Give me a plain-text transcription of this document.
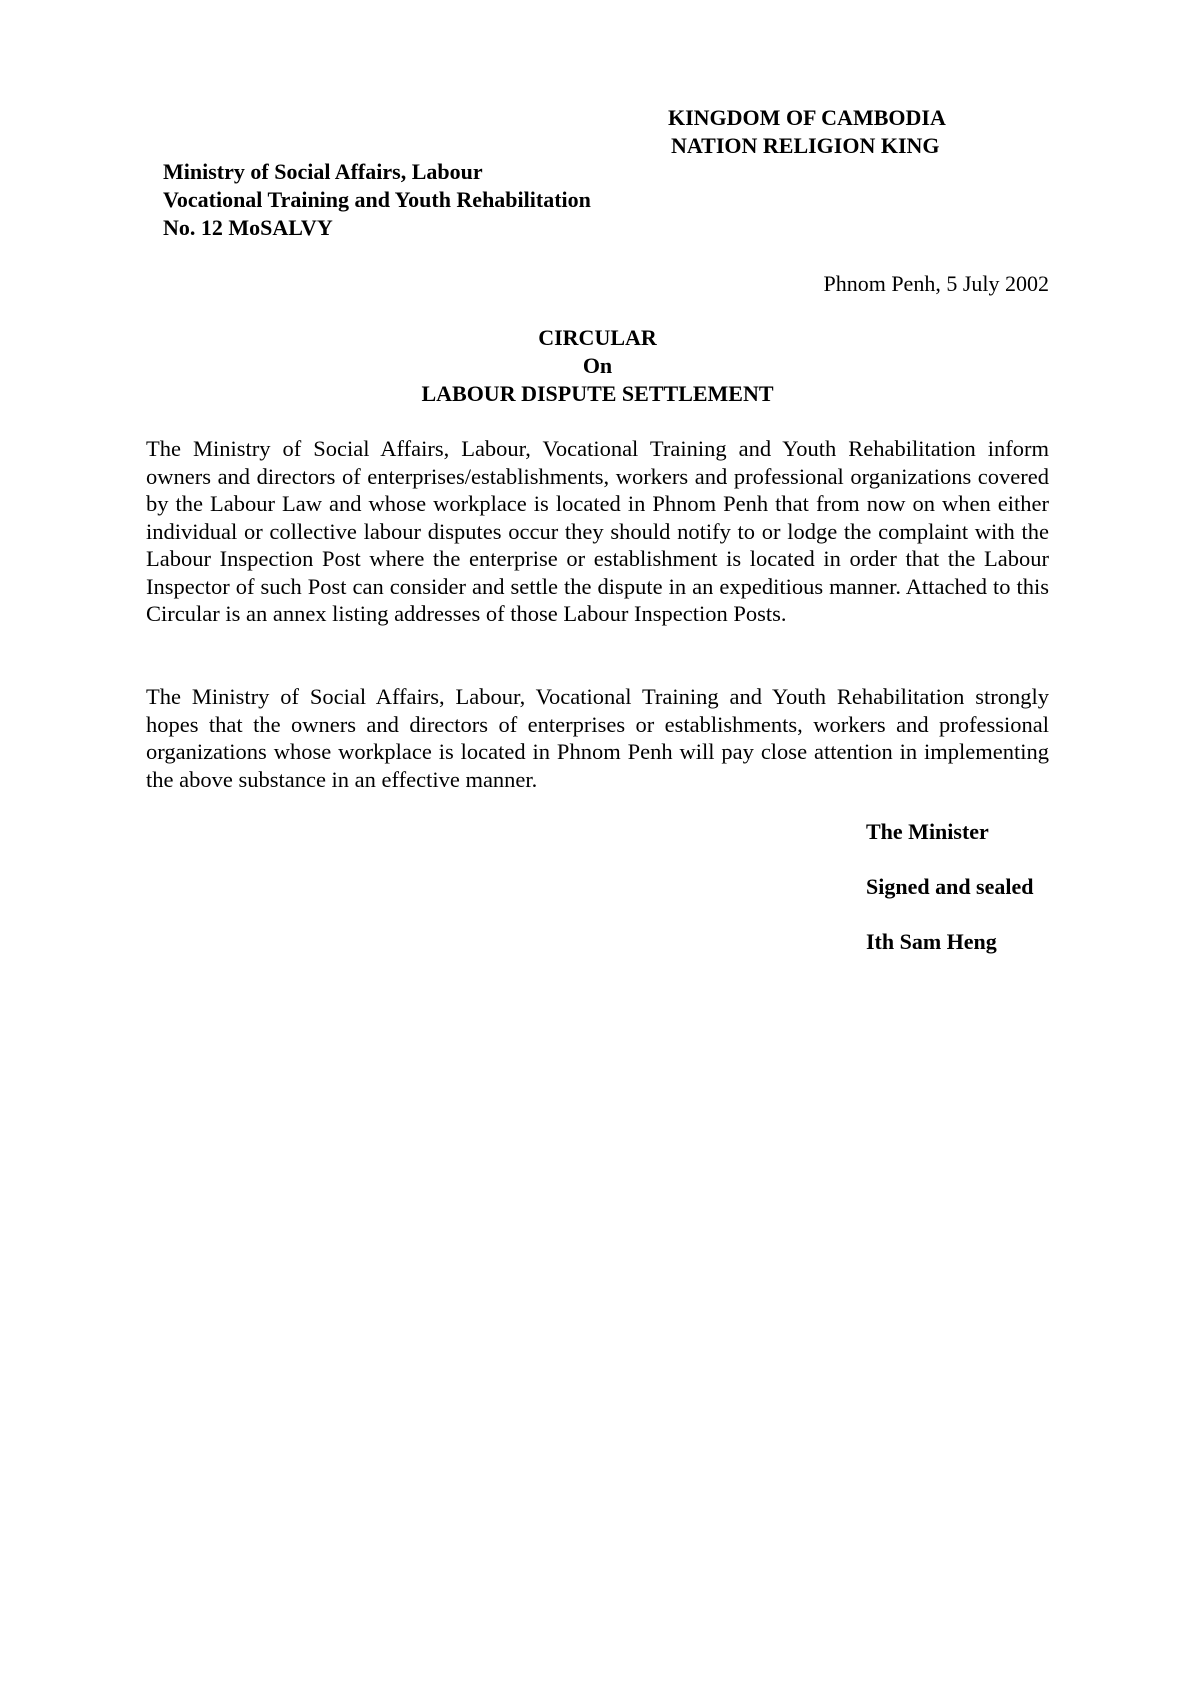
KINGDOM OF CAMBODIA
NATION RELIGION KING
Ministry of Social Affairs, Labour
Vocational Training and Youth Rehabilitation
No. 12 MoSALVY
Phnom Penh, 5 July 2002
CIRCULAR
On
LABOUR DISPUTE SETTLEMENT
The Ministry of Social Affairs, Labour, Vocational Training and Youth Rehabilitation inform owners and directors of enterprises/establishments, workers and professional organizations covered by the Labour Law and whose workplace is located in Phnom Penh that from now on when either individual or collective labour disputes occur they should notify to or lodge the complaint with the Labour Inspection Post where the enterprise or establishment is located in order that the Labour Inspector of such Post can consider and settle the dispute in an expeditious manner. Attached to this Circular is an annex listing addresses of those Labour Inspection Posts.
The Ministry of Social Affairs, Labour, Vocational Training and Youth Rehabilitation strongly hopes that the owners and directors of enterprises or establishments, workers and professional organizations whose workplace is located in Phnom Penh will pay close attention in implementing the above substance in an effective manner.
The Minister
Signed and sealed
Ith Sam Heng
